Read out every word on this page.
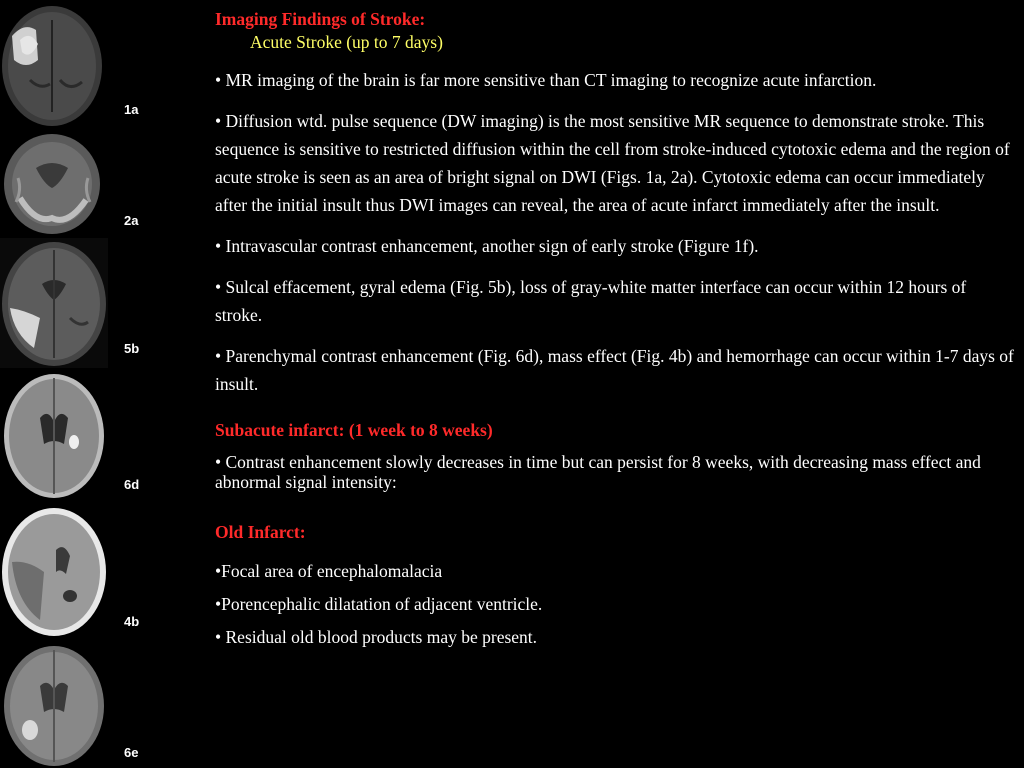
1a
2a
5b
6d
4b
6e

Imaging Findings of Stroke:

Acute Stroke (up to 7 days)

• MR imaging of the brain is far more sensitive than CT imaging to recognize acute infarction.

• Diffusion wtd. pulse sequence (DW imaging) is the most sensitive MR sequence to demonstrate stroke. This sequence is sensitive to restricted diffusion within the cell from stroke-induced cytotoxic edema and the region of acute stroke is seen as an area of bright signal on DWI (Figs. 1a, 2a). Cytotoxic edema can occur immediately after the initial insult thus DWI images can reveal, the area of acute infarct immediately after the insult.

• Intravascular contrast enhancement, another sign of early stroke (Figure 1f).

• Sulcal effacement, gyral edema (Fig. 5b), loss of gray-white matter interface can occur within 12 hours of stroke.

• Parenchymal contrast enhancement (Fig. 6d), mass effect (Fig. 4b) and hemorrhage can occur within 1-7 days of insult.

Subacute infarct: (1 week to 8 weeks)

• Contrast enhancement slowly decreases in time but can persist for 8 weeks, with decreasing mass effect and abnormal signal intensity:

Old Infarct:

•Focal area of encephalomalacia

•Porencephalic dilatation of adjacent ventricle.

• Residual old blood products may be present.
